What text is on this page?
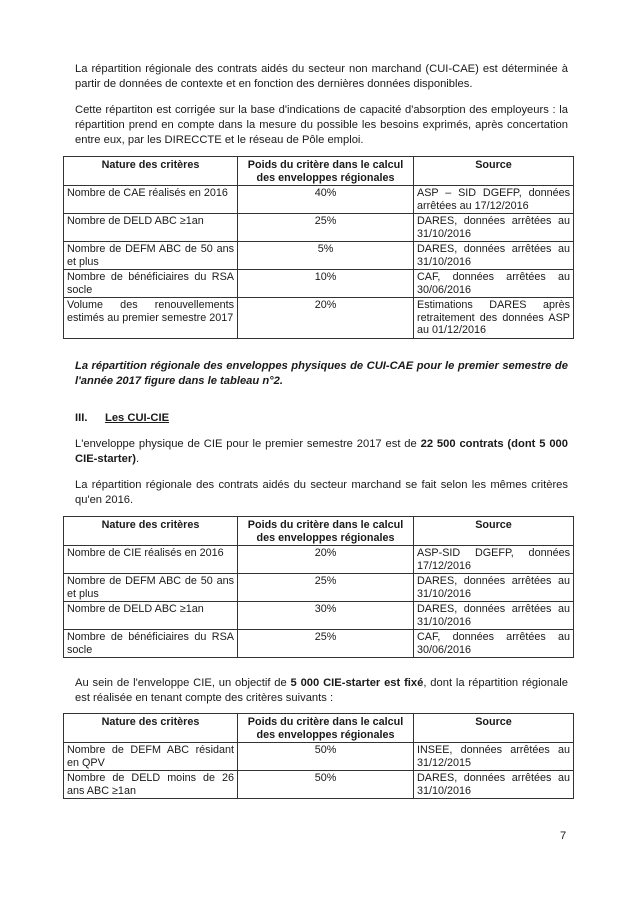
La répartition régionale des contrats aidés du secteur non marchand (CUI-CAE) est déterminée à partir de données de contexte et en fonction des dernières données disponibles.

Cette répartiton est corrigée sur la base d'indications de capacité d'absorption des employeurs : la répartition prend en compte dans la mesure du possible les besoins exprimés, après concertation entre eux, par les DIRECCTE et le réseau de Pôle emploi.

Nature des critères	Poids du critère dans le calcul des enveloppes régionales	Source
Nombre de CAE réalisés en 2016	40%	ASP – SID DGEFP, données arrêtées au 17/12/2016
Nombre de DELD ABC ≥1an	25%	DARES, données arrêtées au 31/10/2016
Nombre de DEFM ABC de 50 ans et plus	5%	DARES, données arrêtées au 31/10/2016
Nombre de bénéficiaires du RSA socle	10%	CAF, données arrêtées au 30/06/2016
Volume des renouvellements estimés au premier semestre 2017	20%	Estimations DARES après retraitement des données ASP au 01/12/2016

La répartition régionale des enveloppes physiques de CUI-CAE pour le premier semestre de l'année 2017 figure dans le tableau n°2.

III. Les CUI-CIE

L'enveloppe physique de CIE pour le premier semestre 2017 est de 22 500 contrats (dont 5 000 CIE-starter).

La répartition régionale des contrats aidés du secteur marchand se fait selon les mêmes critères qu'en 2016.

Nature des critères	Poids du critère dans le calcul des enveloppes régionales	Source
Nombre de CIE réalisés en 2016	20%	ASP-SID DGEFP, données 17/12/2016
Nombre de DEFM ABC de 50 ans et plus	25%	DARES, données arrêtées au 31/10/2016
Nombre de DELD ABC ≥1an	30%	DARES, données arrêtées au 31/10/2016
Nombre de bénéficiaires du RSA socle	25%	CAF, données arrêtées au 30/06/2016

Au sein de l'enveloppe CIE, un objectif de 5 000 CIE-starter est fixé, dont la répartition régionale est réalisée en tenant compte des critères suivants :

Nature des critères	Poids du critère dans le calcul des enveloppes régionales	Source
Nombre de DEFM ABC résidant en QPV	50%	INSEE, données arrêtées au 31/12/2015
Nombre de DELD moins de 26 ans ABC ≥1an	50%	DARES, données arrêtées au 31/10/2016
7
